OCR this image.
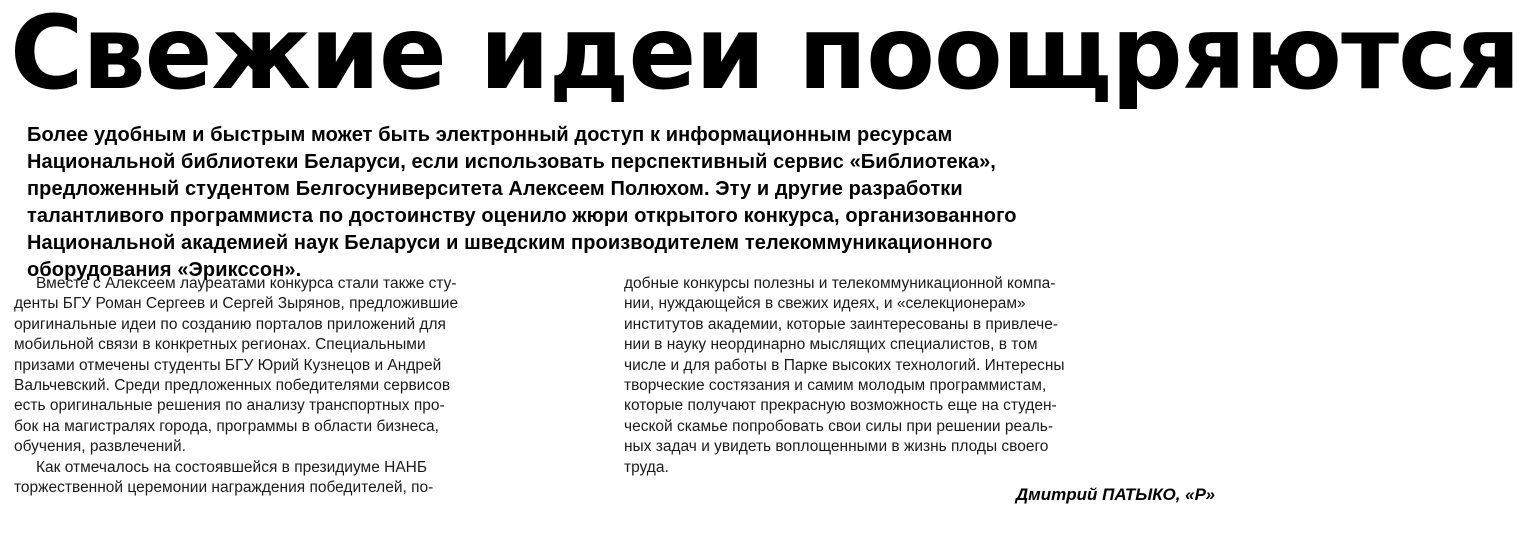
Свежие идеи поощряются
Более удобным и быстрым может быть электронный доступ к информационным ресурсам
Национальной библиотеки Беларуси, если использовать перспективный сервис «Библиотека»,
предложенный студентом Белгосуниверситета Алексеем Полюхом. Эту и другие разработки
талантливого программиста по достоинству оценило жюри открытого конкурса, организованного
Национальной академией наук Беларуси и шведским производителем телекоммуникационного
оборудования «Эрикссон».
Вместе с Алексеем лауреатами конкурса стали также сту-
денты БГУ Роман Сергеев и Сергей Зырянов, предложившие
оригинальные идеи по созданию порталов приложений для
мобильной связи в конкретных регионах. Специальными
призами отмечены студенты БГУ Юрий Кузнецов и Андрей
Вальчевский. Среди предложенных победителями сервисов
есть оригинальные решения по анализу транспортных про-
бок на магистралях города, программы в области бизнеса,
обучения, развлечений.
Как отмечалось на состоявшейся в президиуме НАНБ
торжественной церемонии награждения победителей, по-
добные конкурсы полезны и телекоммуникационной компа-
нии, нуждающейся в свежих идеях, и «селекционерам»
институтов академии, которые заинтересованы в привлече-
нии в науку неординарно мыслящих специалистов, в том
числе и для работы в Парке высоких технологий. Интересны
творческие состязания и самим молодым программистам,
которые получают прекрасную возможность еще на студен-
ческой скамье попробовать свои силы при решении реаль-
ных задач и увидеть воплощенными в жизнь плоды своего
труда.
Дмитрий ПАТЫКО, «Р»
